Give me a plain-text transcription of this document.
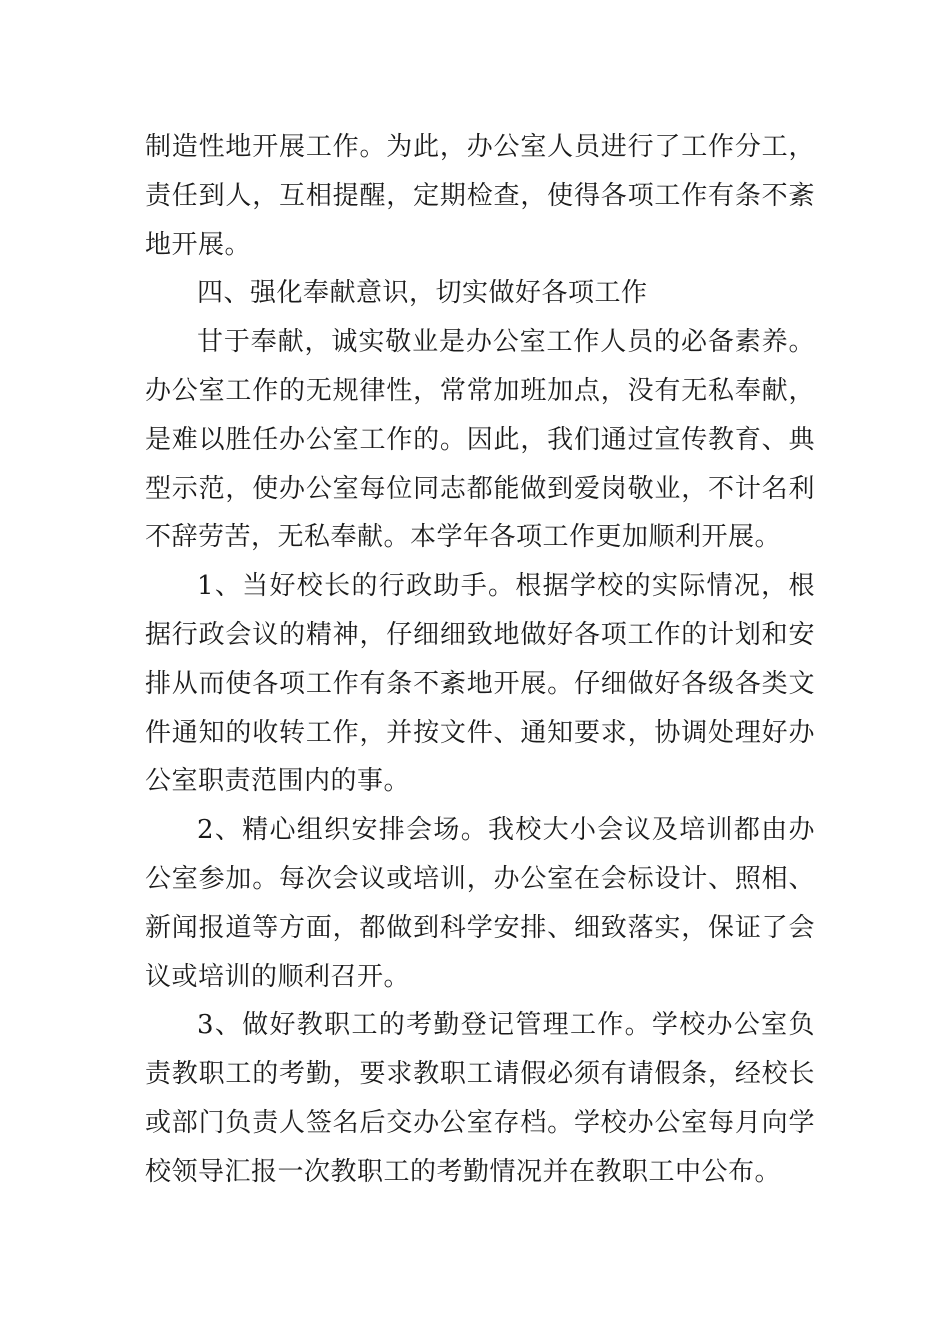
制造性地开展工作。为此，办公室人员进行了工作分工，责任到人，互相提醒，定期检查，使得各项工作有条不紊地开展。

四、强化奉献意识，切实做好各项工作

甘于奉献，诚实敬业是办公室工作人员的必备素养。办公室工作的无规律性，常常加班加点，没有无私奉献，是难以胜任办公室工作的。因此，我们通过宣传教育、典型示范，使办公室每位同志都能做到爱岗敬业，不计名利不辞劳苦，无私奉献。本学年各项工作更加顺利开展。

1、当好校长的行政助手。根据学校的实际情况，根据行政会议的精神，仔细细致地做好各项工作的计划和安排从而使各项工作有条不紊地开展。仔细做好各级各类文件通知的收转工作，并按文件、通知要求，协调处理好办公室职责范围内的事。

2、精心组织安排会场。我校大小会议及培训都由办公室参加。每次会议或培训，办公室在会标设计、照相、新闻报道等方面，都做到科学安排、细致落实，保证了会议或培训的顺利召开。

3、做好教职工的考勤登记管理工作。学校办公室负责教职工的考勤，要求教职工请假必须有请假条，经校长或部门负责人签名后交办公室存档。学校办公室每月向学校领导汇报一次教职工的考勤情况并在教职工中公布。
